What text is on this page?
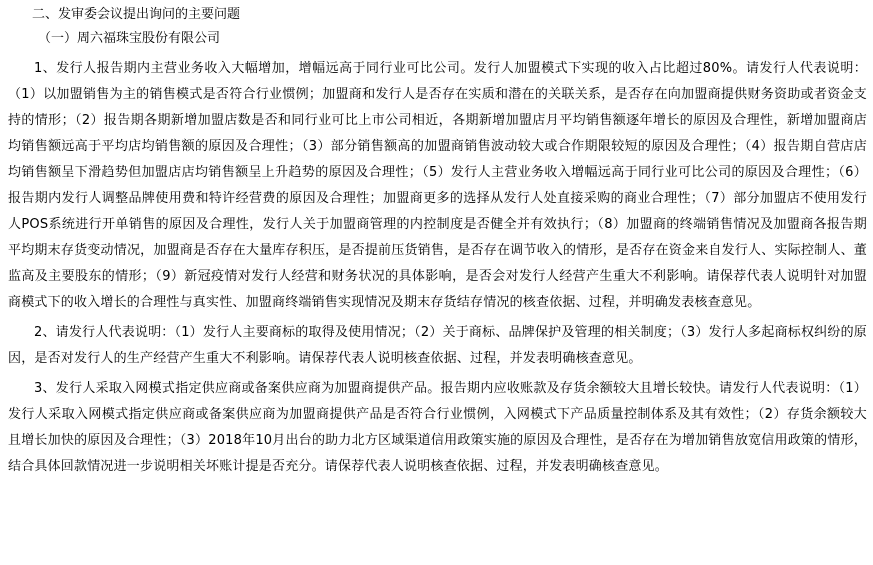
二、发审委会议提出询问的主要问题
（一）周六福珠宝股份有限公司

1、发行人报告期内主营业务收入大幅增加，增幅远高于同行业可比公司。发行人加盟模式下实现的收入占比超过80%。请发行人代表说明：（1）以加盟销售为主的销售模式是否符合行业惯例；加盟商和发行人是否存在实质和潜在的关联关系，是否存在向加盟商提供财务资助或者资金支持的情形；（2）报告期各期新增加盟店数是否和同行业可比上市公司相近，各期新增加盟店月平均销售额逐年增长的原因及合理性，新增加盟商店均销售额远高于平均店均销售额的原因及合理性；（3）部分销售额高的加盟商销售波动较大或合作期限较短的原因及合理性；（4）报告期自营店店均销售额呈下滑趋势但加盟店店均销售额呈上升趋势的原因及合理性；（5）发行人主营业务收入增幅远高于同行业可比公司的原因及合理性；（6）报告期内发行人调整品牌使用费和特许经营费的原因及合理性；加盟商更多的选择从发行人处直接采购的商业合理性；（7）部分加盟店不使用发行人POS系统进行开单销售的原因及合理性，发行人关于加盟商管理的内控制度是否健全并有效执行；（8）加盟商的终端销售情况及加盟商各报告期平均期末存货变动情况，加盟商是否存在大量库存积压，是否提前压货销售，是否存在调节收入的情形，是否存在资金来自发行人、实际控制人、董监高及主要股东的情形；（9）新冠疫情对发行人经营和财务状况的具体影响，是否会对发行人经营产生重大不利影响。请保荐代表人说明针对加盟商模式下的收入增长的合理性与真实性、加盟商终端销售实现情况及期末存货结存情况的核查依据、过程，并明确发表核查意见。

2、请发行人代表说明：（1）发行人主要商标的取得及使用情况；（2）关于商标、品牌保护及管理的相关制度；（3）发行人多起商标权纠纷的原因，是否对发行人的生产经营产生重大不利影响。请保荐代表人说明核查依据、过程，并发表明确核查意见。

3、发行人采取入网模式指定供应商或备案供应商为加盟商提供产品。报告期内应收账款及存货余额较大且增长较快。请发行人代表说明：（1）发行人采取入网模式指定供应商或备案供应商为加盟商提供产品是否符合行业惯例，入网模式下产品质量控制体系及其有效性；（2）存货余额较大且增长加快的原因及合理性；（3）2018年10月出台的助力北方区域渠道信用政策实施的原因及合理性，是否存在为增加销售放宽信用政策的情形，结合具体回款情况进一步说明相关坏账计提是否充分。请保荐代表人说明核查依据、过程，并发表明确核查意见。
